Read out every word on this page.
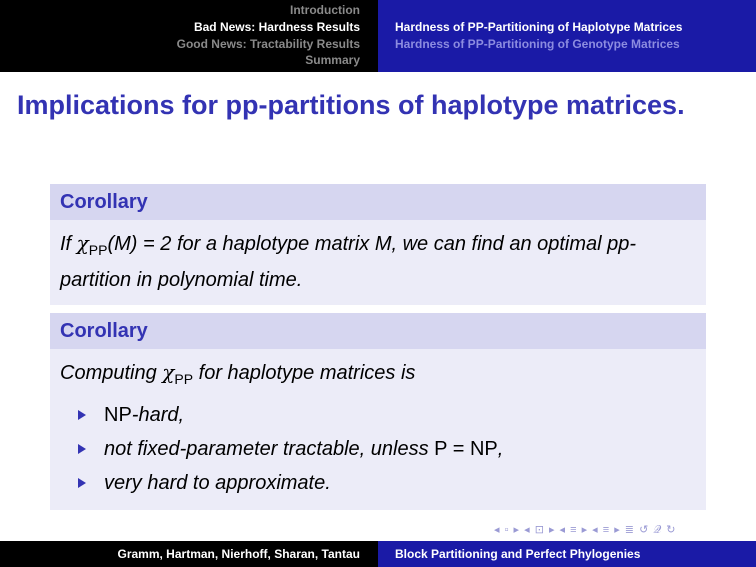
Introduction
Bad News: Hardness Results
Good News: Tractability Results
Summary
Hardness of PP-Partitioning of Haplotype Matrices
Hardness of PP-Partitioning of Genotype Matrices
Implications for pp-partitions of haplotype matrices.
Corollary
If $\chi_{PP}(M) = 2$ for a haplotype matrix M, we can find an optimal pp-partition in polynomial time.
Corollary
Computing $\chi_{PP}$ for haplotype matrices is
NP-hard,
not fixed-parameter tractable, unless P = NP,
very hard to approximate.
◂ ▫ ▸ ◂ ⊡ ▸ ◂ ≡ ▸ ◂ ≡ ▸ ≣ ↺ 𝒬 ↻
Gramm, Hartman, Nierhoff, Sharan, Tantau	Block Partitioning and Perfect Phylogenies
